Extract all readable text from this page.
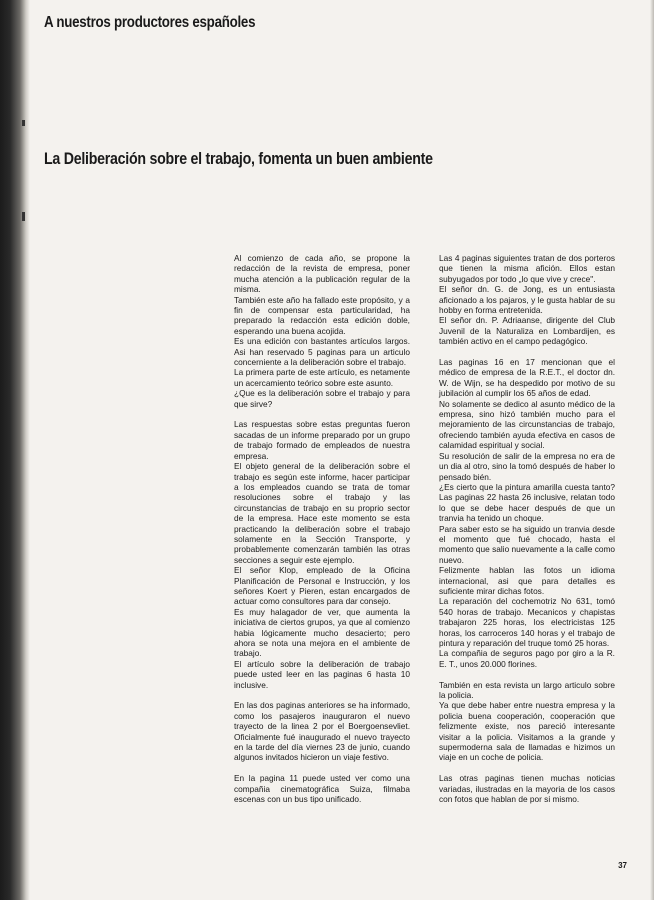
A nuestros productores españoles
La Deliberación sobre el trabajo, fomenta un buen ambiente

Al comienzo de cada año, se propone la redacción de la revista de empresa, poner mucha atención a la publicación regular de la misma.

También este año ha fallado este propósito, y a fin de compensar esta particularidad, ha preparado la redacción esta edición doble, esperando una buena acojida.

Es una edición con bastantes artículos largos. Asi han reservado 5 paginas para un articulo concerniente a la deliberación sobre el trabajo.

La primera parte de este artículo, es netamente un acercamiento teórico sobre este asunto.

¿Que es la deliberación sobre el trabajo y para que sirve?

Las respuestas sobre estas preguntas fueron sacadas de un informe preparado por un grupo de trabajo formado de empleados de nuestra empresa.

El objeto general de la deliberación sobre el trabajo es según este informe, hacer participar a los empleados cuando se trata de tomar resoluciones sobre el trabajo y las circunstancias de trabajo en su proprio sector de la empresa. Hace este momento se esta practicando la deliberación sobre el trabajo solamente en la Sección Transporte, y probablemente comenzarán también las otras secciones a seguir este ejemplo.

El señor Klop, empleado de la Oficina Planificación de Personal e Instrucción, y los señores Koert y Pieren, estan encargados de actuar como consultores para dar consejo.

Es muy halagador de ver, que aumenta la iniciativa de ciertos grupos, ya que al comienzo habia lógicamente mucho desacierto; pero ahora se nota una mejora en el ambiente de trabajo.

El artículo sobre la deliberación de trabajo puede usted leer en las paginas 6 hasta 10 inclusive.

En las dos paginas anteriores se ha informado, como los pasajeros inauguraron el nuevo trayecto de la linea 2 por el Boergoensevliet. Oficialmente fué inaugurado el nuevo trayecto en la tarde del día viernes 23 de junio, cuando algunos invitados hicieron un viaje festivo.

En la pagina 11 puede usted ver como una compañia cinematográfica Suiza, filmaba escenas con un bus tipo unificado.

Las 4 paginas siguientes tratan de dos porteros que tienen la misma afición. Ellos estan subyugados por todo „lo que vive y crece".

El señor dn. G. de Jong, es un entusiasta aficionado a los pajaros, y le gusta hablar de su hobby en forma entretenida.

El señor dn. P. Adriaanse, dirigente del Club Juvenil de la Naturaliza en Lombardijen, es también activo en el campo pedagógico.

Las paginas 16 en 17 mencionan que el médico de empresa de la R.E.T., el doctor dn. W. de Wijn, se ha despedido por motivo de su jubilación al cumplir los 65 años de edad.

No solamente se dedico al asunto médico de la empresa, sino hizó también mucho para el mejoramiento de las circunstancias de trabajo, ofreciendo también ayuda efectiva en casos de calamidad espiritual y social.

Su resolución de salir de la empresa no era de un dia al otro, sino la tomó después de haber lo pensado bién.

¿Es cierto que la pintura amarilla cuesta tanto? Las paginas 22 hasta 26 inclusive, relatan todo lo que se debe hacer después de que un tranvia ha tenido un choque.

Para saber esto se ha siguido un tranvia desde el momento que fué chocado, hasta el momento que salio nuevamente a la calle como nuevo.

Felizmente hablan las fotos un idioma internacional, asi que para detalles es suficiente mirar dichas fotos.

La reparación del cochemotriz No 631, tomó 540 horas de trabajo. Mecanicos y chapistas trabajaron 225 horas, los electricistas 125 horas, los carroceros 140 horas y el trabajo de pintura y reparación del truque tomó 25 horas.

La compañia de seguros pago por giro a la R. E. T., unos 20.000 florines.

También en esta revista un largo articulo sobre la policia.

Ya que debe haber entre nuestra empresa y la policia buena cooperación, cooperación que felizmente existe, nos pareció interesante visitar a la policia. Visitamos a la grande y supermoderna sala de llamadas e hizimos un viaje en un coche de policia.

Las otras paginas tienen muchas noticias variadas, ilustradas en la mayoria de los casos con fotos que hablan de por si mismo.

37
